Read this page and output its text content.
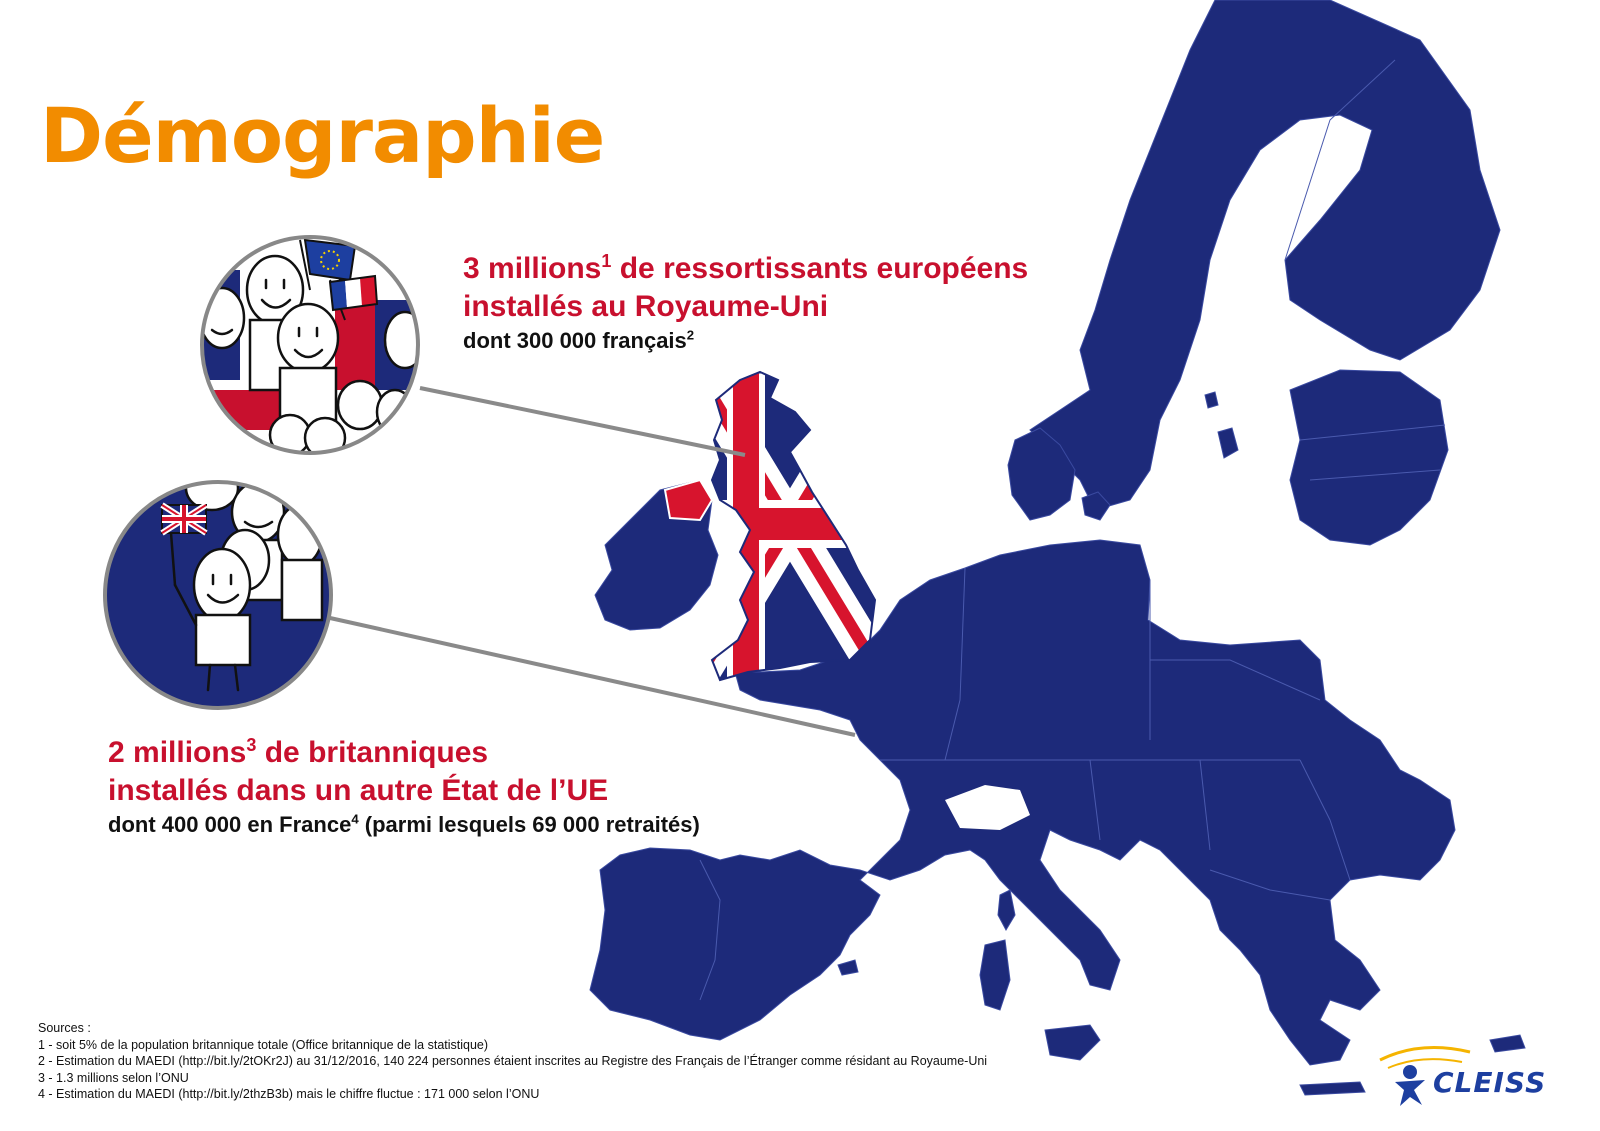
Démographie
3 millions$^1$ de ressortissants européens
installés au Royaume-Uni
dont 300 000 français$^2$
2 millions$^3$ de britanniques
installés dans un autre État de l’UE
dont 400 000 en France$^4$ (parmi lesquels 69 000 retraités)
Sources :
1 - soit 5% de la population britannique totale (Office britannique de la statistique)
2 - Estimation du MAEDI (http://bit.ly/2tOKr2J) au 31/12/2016, 140 224 personnes étaient inscrites au Registre des Français de l’Étranger comme résidant au Royaume-Uni
3 - 1.3 millions selon l’ONU
4 - Estimation du MAEDI (http://bit.ly/2thzB3b) mais le chiffre fluctue : 171 000 selon l’ONU	CLEISS
